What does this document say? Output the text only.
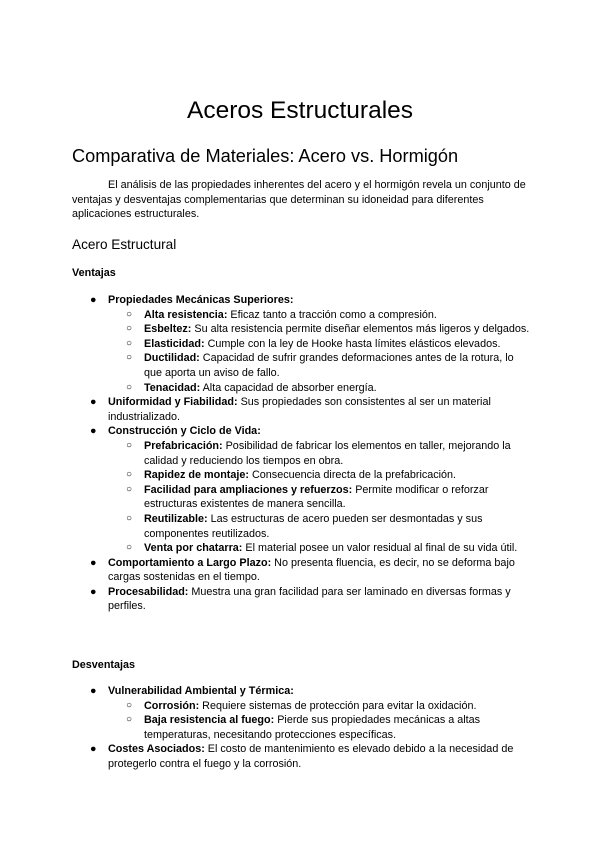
Aceros Estructurales
Comparativa de Materiales: Acero vs. Hormigón

El análisis de las propiedades inherentes del acero y el hormigón revela un conjunto de ventajas y desventajas complementarias que determinan su idoneidad para diferentes aplicaciones estructurales.

Acero Estructural
Ventajas
●	Propiedades Mecánicas Superiores:
○ Alta resistencia: Eficaz tanto a tracción como a compresión.
○ Esbeltez: Su alta resistencia permite diseñar elementos más ligeros y delgados.
○ Elasticidad: Cumple con la ley de Hooke hasta límites elásticos elevados.
○ Ductilidad: Capacidad de sufrir grandes deformaciones antes de la rotura, lo que aporta un aviso de fallo.
○ Tenacidad: Alta capacidad de absorber energía.
●	Uniformidad y Fiabilidad: Sus propiedades son consistentes al ser un material industrializado.
●	Construcción y Ciclo de Vida:
○ Prefabricación: Posibilidad de fabricar los elementos en taller, mejorando la calidad y reduciendo los tiempos en obra.
○ Rapidez de montaje: Consecuencia directa de la prefabricación.
○ Facilidad para ampliaciones y refuerzos: Permite modificar o reforzar estructuras existentes de manera sencilla.
○ Reutilizable: Las estructuras de acero pueden ser desmontadas y sus componentes reutilizados.
○ Venta por chatarra: El material posee un valor residual al final de su vida útil.
●	Comportamiento a Largo Plazo: No presenta fluencia, es decir, no se deforma bajo cargas sostenidas en el tiempo.
●	Procesabilidad: Muestra una gran facilidad para ser laminado en diversas formas y perfiles.
Desventajas
●	Vulnerabilidad Ambiental y Térmica:
○ Corrosión: Requiere sistemas de protección para evitar la oxidación.
○ Baja resistencia al fuego: Pierde sus propiedades mecánicas a altas temperaturas, necesitando protecciones específicas.
●	Costes Asociados: El costo de mantenimiento es elevado debido a la necesidad de protegerlo contra el fuego y la corrosión.
